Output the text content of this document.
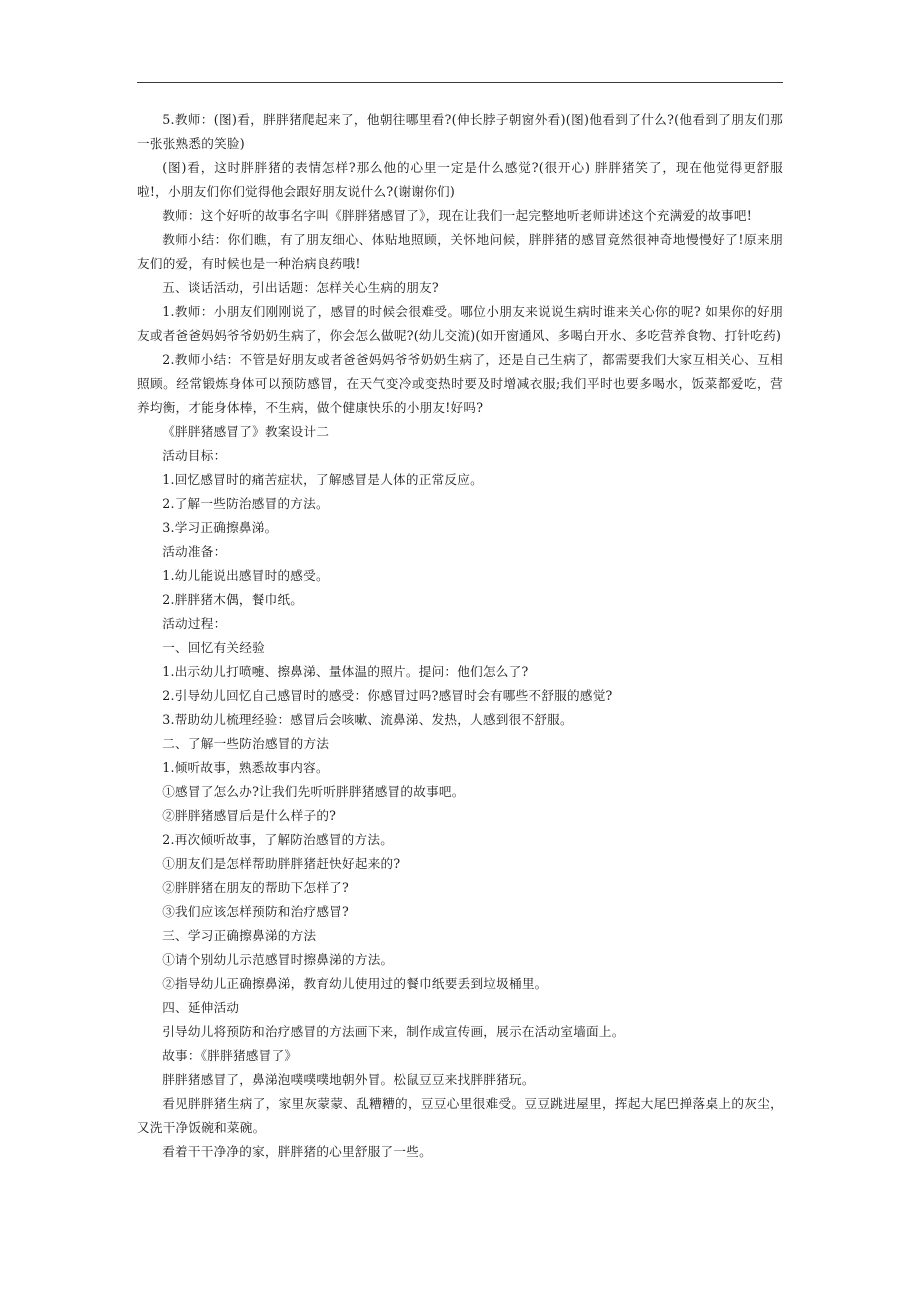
5.教师：(图)看，胖胖猪爬起来了，他朝往哪里看?(伸长脖子朝窗外看)(图)他看到了什么?(他看到了朋友们那一张张熟悉的笑脸)

(图)看，这时胖胖猪的表情怎样?那么他的心里一定是什么感觉?(很开心) 胖胖猪笑了，现在他觉得更舒服啦!，小朋友们你们觉得他会跟好朋友说什么?(谢谢你们)

教师：这个好听的故事名字叫《胖胖猪感冒了》，现在让我们一起完整地听老师讲述这个充满爱的故事吧!

教师小结：你们瞧，有了朋友细心、体贴地照顾，关怀地问候，胖胖猪的感冒竟然很神奇地慢慢好了!原来朋友们的爱，有时候也是一种治病良药哦!

五、谈话活动，引出话题：怎样关心生病的朋友?

1.教师：小朋友们刚刚说了，感冒的时候会很难受。哪位小朋友来说说生病时谁来关心你的呢? 如果你的好朋友或者爸爸妈妈爷爷奶奶生病了，你会怎么做呢?(幼儿交流)(如开窗通风、多喝白开水、多吃营养食物、打针吃药)

2.教师小结：不管是好朋友或者爸爸妈妈爷爷奶奶生病了，还是自己生病了，都需要我们大家互相关心、互相照顾。经常锻炼身体可以预防感冒，在天气变冷或变热时要及时增减衣服;我们平时也要多喝水，饭菜都爱吃，营养均衡，才能身体棒，不生病，做个健康快乐的小朋友!好吗?

《胖胖猪感冒了》教案设计二

活动目标：

1.回忆感冒时的痛苦症状，了解感冒是人体的正常反应。

2.了解一些防治感冒的方法。

3.学习正确擦鼻涕。

活动准备：

1.幼儿能说出感冒时的感受。

2.胖胖猪木偶，餐巾纸。

活动过程：

一、回忆有关经验

1.出示幼儿打喷嚏、擦鼻涕、量体温的照片。提问：他们怎么了?

2.引导幼儿回忆自己感冒时的感受：你感冒过吗?感冒时会有哪些不舒服的感觉?

3.帮助幼儿梳理经验：感冒后会咳嗽、流鼻涕、发热，人感到很不舒服。

二、了解一些防治感冒的方法

1.倾听故事，熟悉故事内容。

①感冒了怎么办?让我们先听听胖胖猪感冒的故事吧。

②胖胖猪感冒后是什么样子的?

2.再次倾听故事，了解防治感冒的方法。

①朋友们是怎样帮助胖胖猪赶快好起来的?

②胖胖猪在朋友的帮助下怎样了?

③我们应该怎样预防和治疗感冒?

三、学习正确擦鼻涕的方法

①请个别幼儿示范感冒时擦鼻涕的方法。

②指导幼儿正确擦鼻涕，教育幼儿使用过的餐巾纸要丢到垃圾桶里。

四、延伸活动

引导幼儿将预防和治疗感冒的方法画下来，制作成宣传画，展示在活动室墙面上。

故事：《胖胖猪感冒了》

胖胖猪感冒了，鼻涕泡噗噗噗地朝外冒。松鼠豆豆来找胖胖猪玩。

看见胖胖猪生病了，家里灰蒙蒙、乱糟糟的，豆豆心里很难受。豆豆跳进屋里，挥起大尾巴掸落桌上的灰尘，又洗干净饭碗和菜碗。

看着干干净净的家，胖胖猪的心里舒服了一些。
